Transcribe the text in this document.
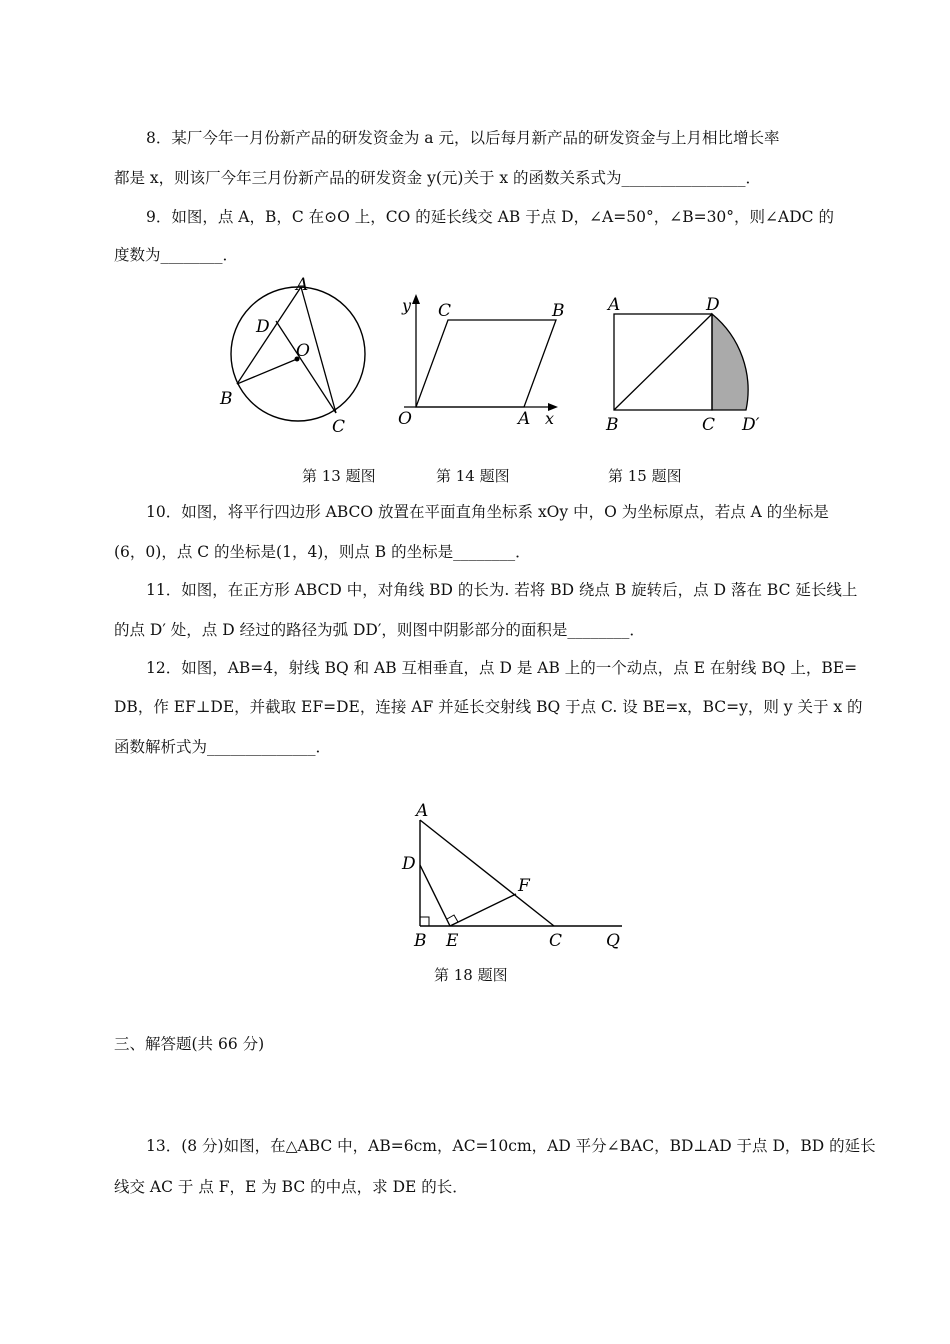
8．某厂今年一月份新产品的研发资金为 a 元，以后每月新产品的研发资金与上月相比增长率
都是 x，则该厂今年三月份新产品的研发资金 y(元)关于 x 的函数关系式为________________．
9．如图，点 A，B，C 在⊙O 上，CO 的延长线交 AB 于点 D，∠A=50°，∠B=30°，则∠ADC 的
度数为________．
A
D
O
B
C
y C	B
O	A x
A	D
B	C D′
第 13 题图	第 14 题图	第 15 题图
10．如图，将平行四边形 ABCO 放置在平面直角坐标系 xOy 中，O 为坐标原点，若点 A 的坐标是
(6，0)，点 C 的坐标是(1，4)，则点 B 的坐标是________．
11．如图，在正方形 ABCD 中，对角线 BD 的长为. 若将 BD 绕点 B 旋转后，点 D 落在 BC 延长线上
的点 D′ 处，点 D 经过的路径为弧 DD′，则图中阴影部分的面积是________．
12．如图，AB=4，射线 BQ 和 AB 互相垂直，点 D 是 AB 上的一个动点，点 E 在射线 BQ 上，BE=
DB，作 EF⊥DE，并截取 EF=DE，连接 AF 并延长交射线 BQ 于点 C. 设 BE=x，BC=y，则 y 关于 x 的
函数解析式为______________．
A
D
F
B E	C	Q
第 18 题图
三、解答题(共 66 分)
13．(8 分)如图，在△ABC 中，AB=6cm，AC=10cm，AD 平分∠BAC，BD⊥AD 于点 D，BD 的延长
线交 AC 于 点 F，E 为 BC 的中点，求 DE 的长．
